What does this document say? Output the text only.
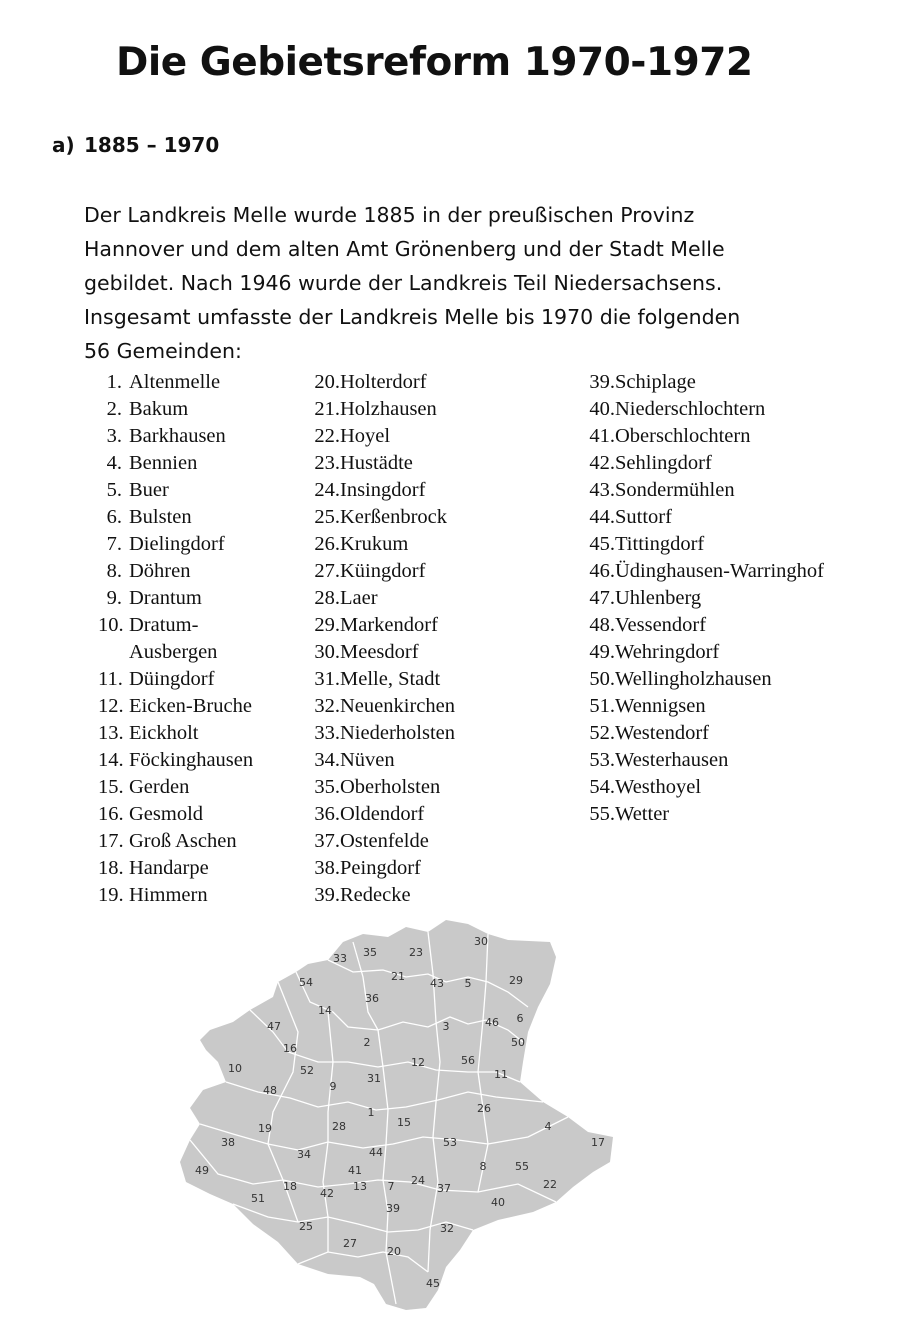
Die Gebietsreform 1970-1972
a) 1885 – 1970
Der Landkreis Melle wurde 1885 in der preußischen Provinz
Hannover und dem alten Amt Grönenberg und der Stadt Melle
gebildet. Nach 1946 wurde der Landkreis Teil Niedersachsens.
Insgesamt umfasste der Landkreis Melle bis 1970 die folgenden
56 Gemeinden:
1. Altenmelle
2. Bakum
3. Barkhausen
4. Bennien
5. Buer
6. Bulsten
7. Dielingdorf
8. Döhren
9. Drantum
10. Dratum-Ausbergen
11. Düingdorf
12. Eicken-Bruche
13. Eickholt
14. Föckinghausen
15. Gerden
16. Gesmold
17. Groß Aschen
18. Handarpe
19. Himmern
20. Holterdorf
21. Holzhausen
22. Hoyel
23. Hustädte
24. Insingdorf
25. Kerßenbrock
26. Krukum
27. Küingdorf
28. Laer
29. Markendorf
30. Meesdorf
31. Melle, Stadt
32. Neuenkirchen
33. Niederholsten
34. Nüven
35. Oberholsten
36. Oldendorf
37. Ostenfelde
38. Peingdorf
39. Redecke
39. Schiplage
40. Niederschlochtern
41. Oberschlochtern
42. Sehlingdorf
43. Sondermühlen
44. Suttorf
45. Tittingdorf
46. Üdinghausen-Warringhof
47. Uhlenberg
48. Vessendorf
49. Wehringdorf
50. Wellingholzhausen
51. Wennigsen
52. Westendorf
53. Westerhausen
54. Westhoyel
55. Wetter
30
33 35	23
21
43 5	29
54
36
14
47	3	46 6
16	2	50
12	56
10	52
9
31	11
48
1
15
26
4
19	28
38	53	17
49
34	44
8	55
41
22
18
42
13 7 24
37
51	40
39
25	32
27
20
45
